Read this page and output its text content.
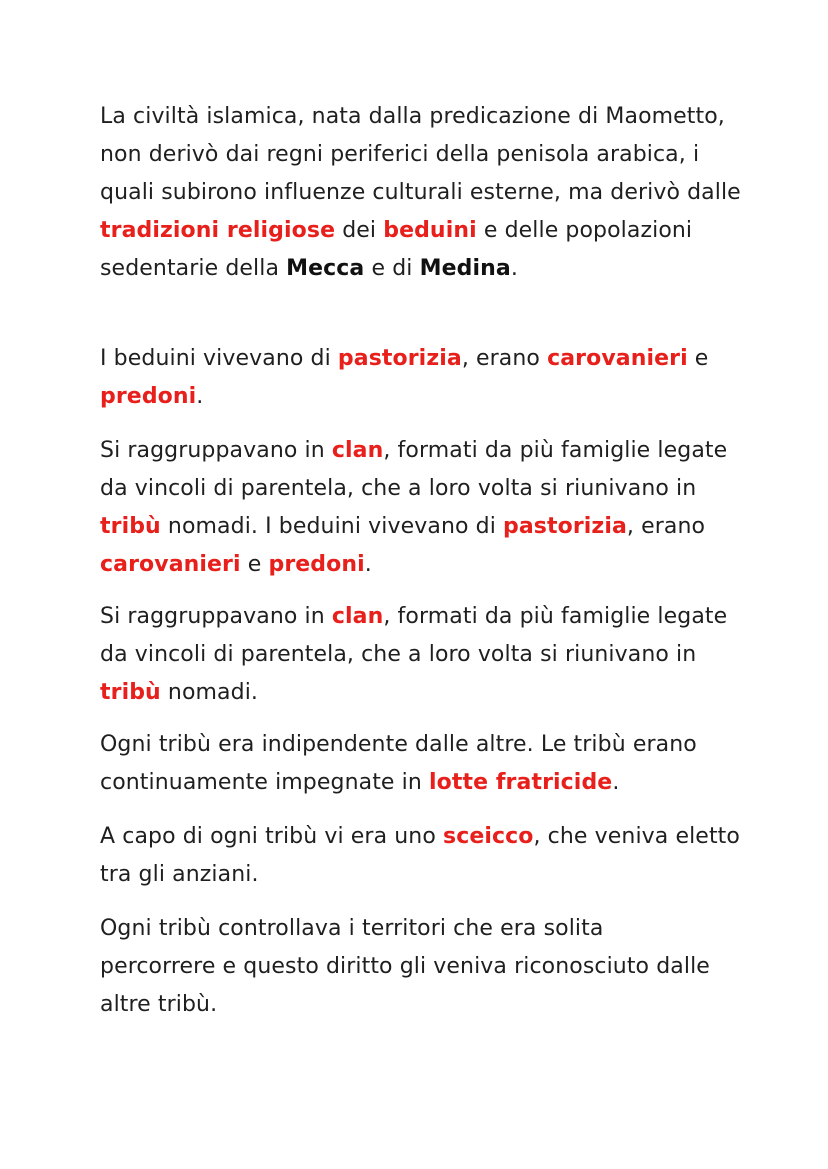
La civiltà islamica, nata dalla predicazione di Maometto,
non derivò dai regni periferici della penisola arabica, i
quali subirono influenze culturali esterne, ma derivò dalle
tradizioni religiose dei beduini e delle popolazioni
sedentarie della Mecca e di Medina.

I beduini vivevano di pastorizia, erano carovanieri e
predoni.

Si raggruppavano in clan, formati da più famiglie legate
da vincoli di parentela, che a loro volta si riunivano in
tribù nomadi. I beduini vivevano di pastorizia, erano
carovanieri e predoni.

Si raggruppavano in clan, formati da più famiglie legate
da vincoli di parentela, che a loro volta si riunivano in
tribù nomadi.

Ogni tribù era indipendente dalle altre. Le tribù erano
continuamente impegnate in lotte fratricide.

A capo di ogni tribù vi era uno sceicco, che veniva eletto
tra gli anziani.

Ogni tribù controllava i territori che era solita
percorrere e questo diritto gli veniva riconosciuto dalle
altre tribù.
